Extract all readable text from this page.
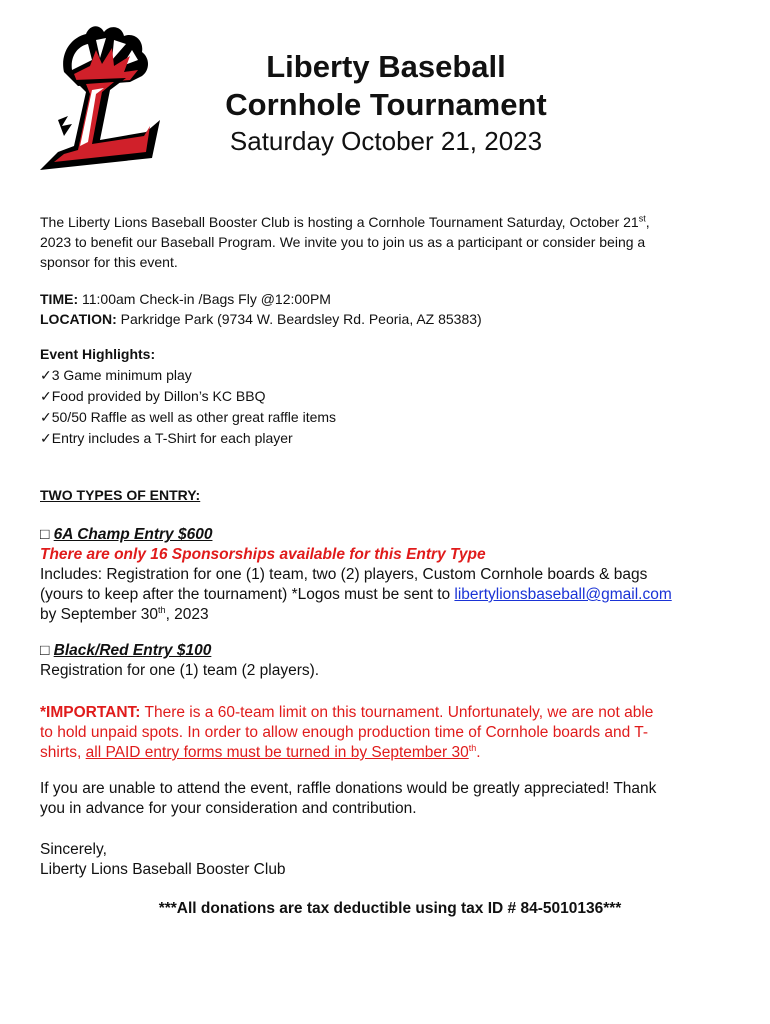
Liberty Baseball
Cornhole Tournament
Saturday October 21, 2023
The Liberty Lions Baseball Booster Club is hosting a Cornhole Tournament Saturday, October 21st,
2023 to benefit our Baseball Program. We invite you to join us as a participant or consider being a
sponsor for this event.
TIME: 11:00am Check-in /Bags Fly @12:00PM
LOCATION: Parkridge Park (9734 W. Beardsley Rd. Peoria, AZ 85383)
Event Highlights:
✓3 Game minimum play
✓Food provided by Dillon’s KC BBQ
✓50/50 Raffle as well as other great raffle items
✓Entry includes a T-Shirt for each player
TWO TYPES OF ENTRY:
□ 6A Champ Entry $600
There are only 16 Sponsorships available for this Entry Type
Includes: Registration for one (1) team, two (2) players, Custom Cornhole boards & bags
(yours to keep after the tournament) *Logos must be sent to libertylionsbaseball@gmail.com
by September 30th, 2023
□ Black/Red Entry $100
Registration for one (1) team (2 players).
*IMPORTANT: There is a 60-team limit on this tournament. Unfortunately, we are not able
to hold unpaid spots. In order to allow enough production time of Cornhole boards and T-
shirts, all PAID entry forms must be turned in by September 30th.
If you are unable to attend the event, raffle donations would be greatly appreciated! Thank
you in advance for your consideration and contribution.
Sincerely,
Liberty Lions Baseball Booster Club
***All donations are tax deductible using tax ID # 84-5010136***
